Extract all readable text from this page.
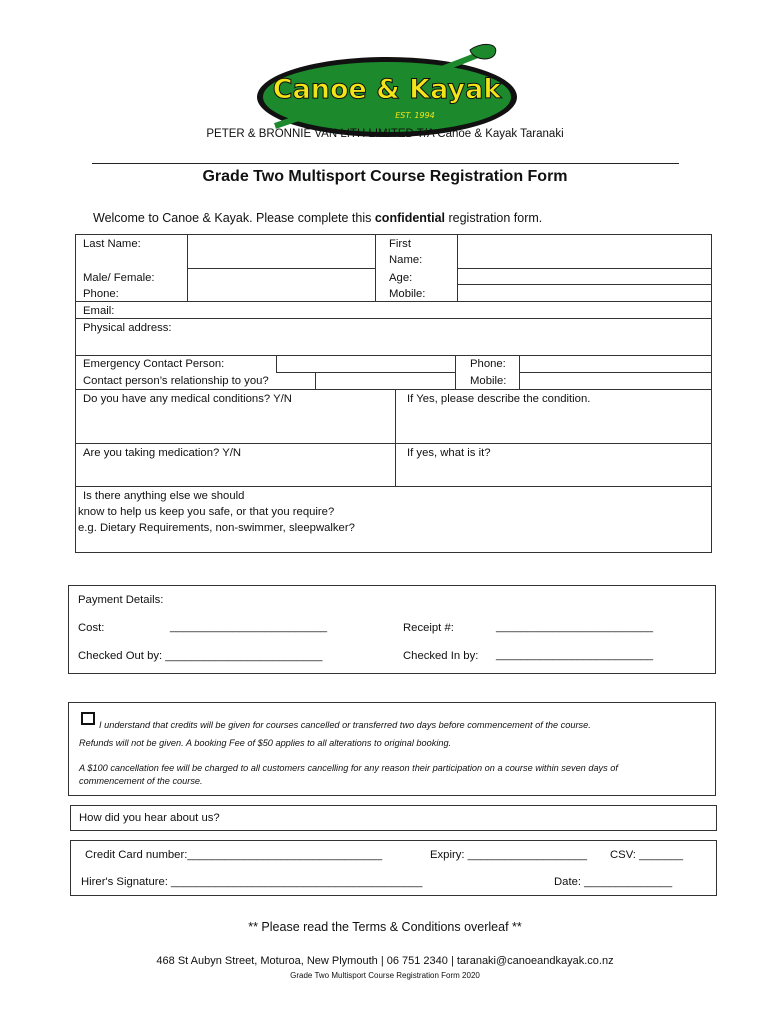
Canoe & Kayak
EST. 1994
PETER & BRONNIE VAN LITH LIMITED T/A Canoe & Kayak Taranaki
Grade Two Multisport Course Registration Form
Welcome to Canoe & Kayak. Please complete this confidential registration form.
Last Name:	First
Name:
Male/ Female:	Age:
Phone:	Mobile:
Email:
Physical address:
Emergency Contact Person:	Phone:
Contact person’s relationship to you?	Mobile:
Do you have any medical conditions? Y/N	If Yes, please describe the condition.
Are you taking medication? Y/N	If yes, what is it?
Is there anything else we should
know to help us keep you safe, or that you require?
e.g. Dietary Requirements, non-swimmer, sleepwalker?
Payment Details:
Cost:	_________________________	Receipt #:	_________________________
Checked Out by: _________________________	Checked In by: _________________________
I understand that credits will be given for courses cancelled or transferred two days before commencement of the course.
Refunds will not be given. A booking Fee of $50 applies to all alterations to original booking.
A $100 cancellation fee will be charged to all customers cancelling for any reason their participation on a course within seven days of
commencement of the course.
How did you hear about us?
Credit Card number:_______________________________	Expiry: ___________________ CSV: _______
Hirer's Signature: ________________________________________	Date: ______________
** Please read the Terms & Conditions overleaf **
468 St Aubyn Street, Moturoa, New Plymouth | 06 751 2340 | taranaki@canoeandkayak.co.nz
Grade Two Multisport Course Registration Form 2020
